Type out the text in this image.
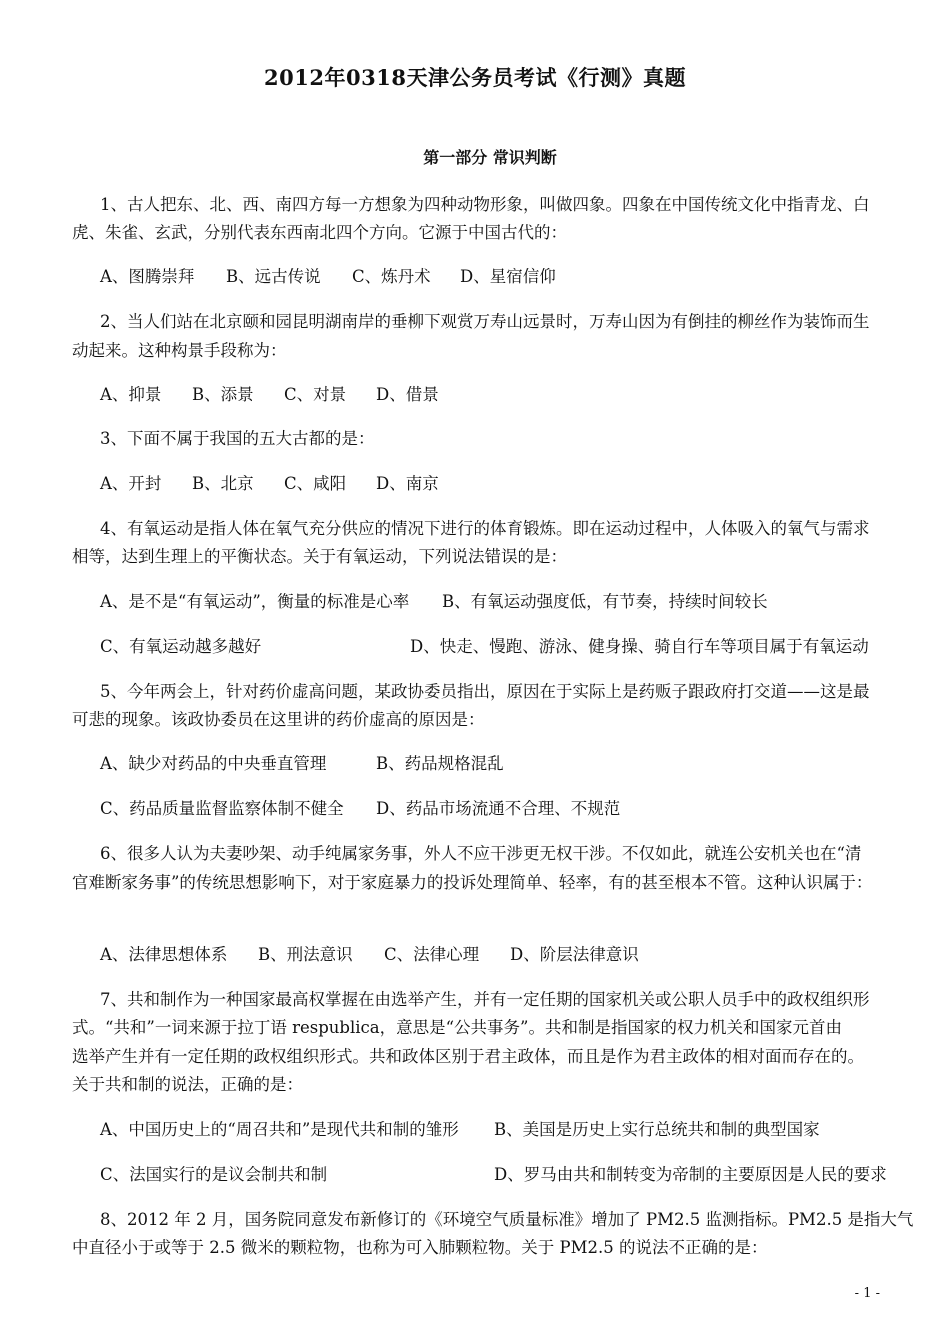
2012年0318天津公务员考试《行测》真题
第一部分 常识判断
1、古人把东、北、西、南四方每一方想象为四种动物形象，叫做四象。四象在中国传统文化中指青龙、白
虎、朱雀、玄武，分别代表东西南北四个方向。它源于中国古代的：
A、图腾崇拜 B、远古传说 C、炼丹术 D、星宿信仰
2、当人们站在北京颐和园昆明湖南岸的垂柳下观赏万寿山远景时，万寿山因为有倒挂的柳丝作为装饰而生
动起来。这种构景手段称为：
A、抑景 B、添景 C、对景 D、借景
3、下面不属于我国的五大古都的是：
A、开封 B、北京 C、咸阳 D、南京
4、有氧运动是指人体在氧气充分供应的情况下进行的体育锻炼。即在运动过程中，人体吸入的氧气与需求
相等，达到生理上的平衡状态。关于有氧运动，下列说法错误的是：
A、是不是“有氧运动”，衡量的标准是心率 B、有氧运动强度低，有节奏，持续时间较长
C、有氧运动越多越好	D、快走、慢跑、游泳、健身操、骑自行车等项目属于有氧运动
5、今年两会上，针对药价虚高问题，某政协委员指出，原因在于实际上是药贩子跟政府打交道——这是最
可悲的现象。该政协委员在这里讲的药价虚高的原因是：
A、缺少对药品的中央垂直管理	B、药品规格混乱
C、药品质量监督监察体制不健全 D、药品市场流通不合理、不规范
6、很多人认为夫妻吵架、动手纯属家务事，外人不应干涉更无权干涉。不仅如此，就连公安机关也在“清
官难断家务事”的传统思想影响下，对于家庭暴力的投诉处理简单、轻率，有的甚至根本不管。这种认识属于：
A、法律思想体系 B、刑法意识 C、法律心理 D、阶层法律意识
7、共和制作为一种国家最高权掌握在由选举产生，并有一定任期的国家机关或公职人员手中的政权组织形
式。“共和”一词来源于拉丁语 respublica，意思是“公共事务”。共和制是指国家的权力机关和国家元首由
选举产生并有一定任期的政权组织形式。共和政体区别于君主政体，而且是作为君主政体的相对面而存在的。
关于共和制的说法，正确的是：
A、中国历史上的“周召共和”是现代共和制的雏形 B、美国是历史上实行总统共和制的典型国家
C、法国实行的是议会制共和制	D、罗马由共和制转变为帝制的主要原因是人民的要求
8、2012 年 2 月，国务院同意发布新修订的《环境空气质量标准》增加了 PM2.5 监测指标。PM2.5 是指大气
中直径小于或等于 2.5 微米的颗粒物，也称为可入肺颗粒物。关于 PM2.5 的说法不正确的是：
- 1 -
